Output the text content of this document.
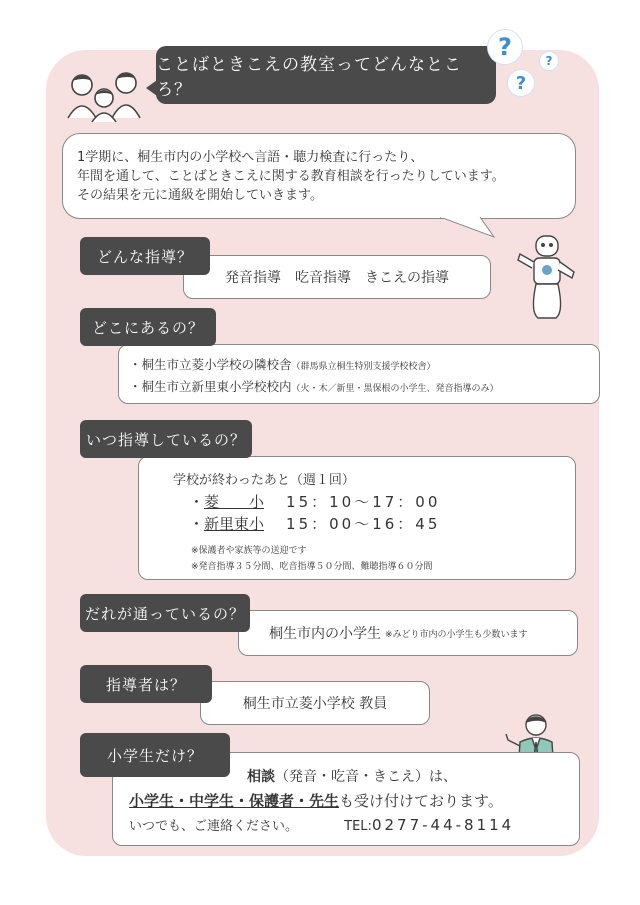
ことばときこえの教室ってどんなところ？
?	?
?
1学期に、桐生市内の小学校へ言語・聴力検査に行ったり、
年間を通して、ことばときこえに関する教育相談を行ったりしています。
その結果を元に通級を開始していきます。
発音指導　吃音指導　きこえの指導
どんな指導？
・桐生市立菱小学校の隣校舎（群馬県立桐生特別支援学校校舎）
・桐生市立新里東小学校校内（火・木／新里・黒保根の小学生、発音指導のみ）
どこにあるの？
学校が終わったあと（週１回）
・菱　　小 15：10〜17：00
・新里東小 15：00〜16：45
※保護者や家族等の送迎です
※発音指導３５分間、吃音指導５０分間、難聴指導６０分間
いつ指導しているの？
桐生市内の小学生 ※みどり市内の小学生も少数います
だれが通っているの？
桐生市立菱小学校 教員
指導者は？
相談（発音・吃音・きこえ）は、
小学生・中学生・保護者・先生も受け付けております。
いつでも、ご連絡ください。	TEL:0277-44-8114
小学生だけ？
